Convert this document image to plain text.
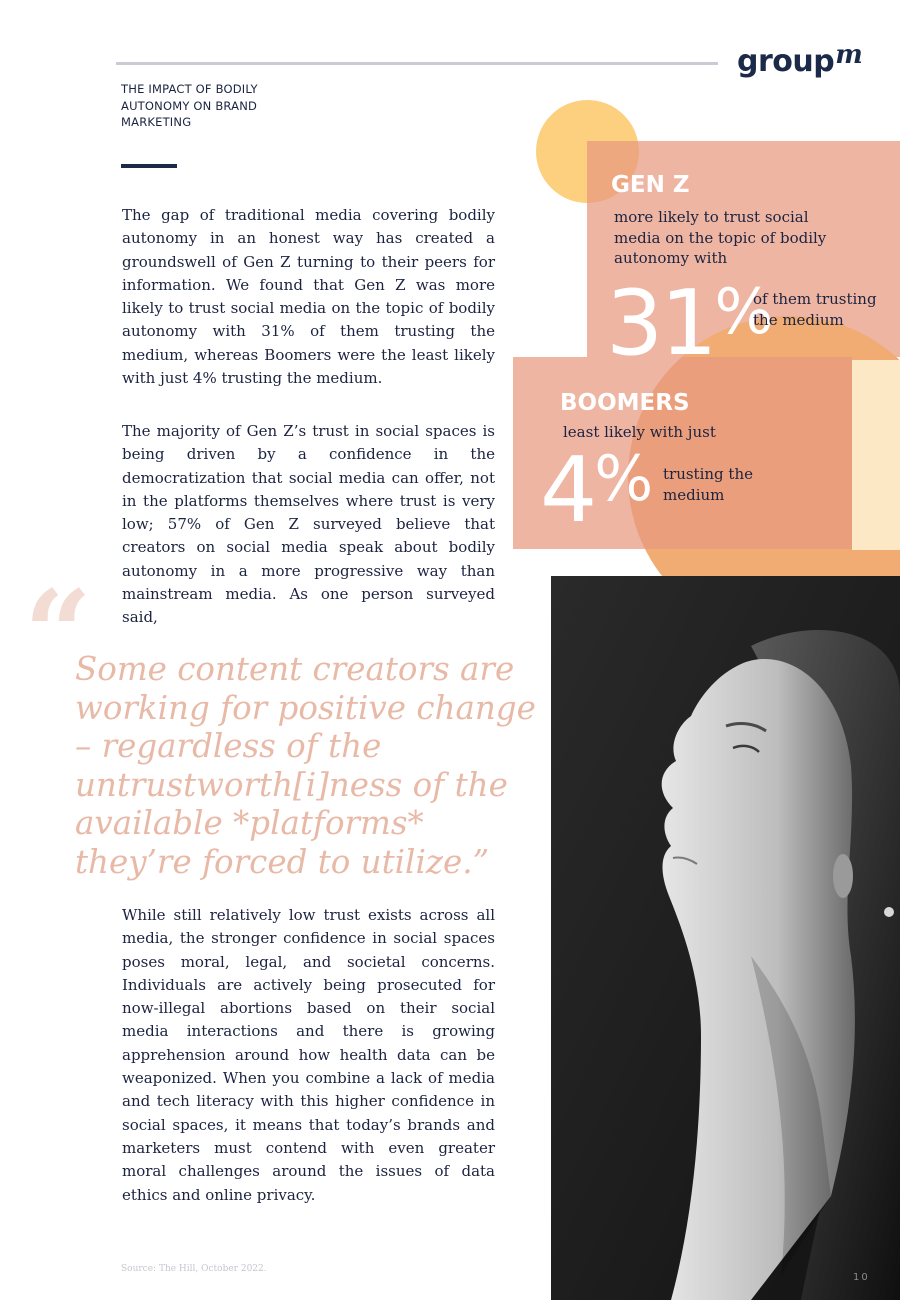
group$^m$
THE IMPACT OF BODILY AUTONOMY ON BRAND MARKETING

The gap of traditional media covering bodily autonomy in an honest way has created a groundswell of Gen Z turning to their peers for information. We found that Gen Z was more likely to trust social media on the topic of bodily autonomy with 31% of them trusting the medium, whereas Boomers were the least likely with just 4% trusting the medium.

The majority of Gen Z’s trust in social spaces is being driven by a confidence in the democratization that social media can offer, not in the platforms themselves where trust is very low; 57% of Gen Z surveyed believe that creators on social media speak about bodily autonomy in a more progressive way than mainstream media. As one person surveyed said,

“
Some content creators are working for positive change – regardless of the untrustworth[i]ness of the available *platforms* they’re forced to utilize.”

While still relatively low trust exists across all media, the stronger confidence in social spaces poses moral, legal, and societal concerns. Individuals are actively being prosecuted for now-illegal abortions based on their social media interactions and there is growing apprehension around how health data can be weaponized. When you combine a lack of media and tech literacy with this higher confidence in social spaces, it means that today’s brands and marketers must contend with even greater moral challenges around the issues of data ethics and online privacy.

Source: The Hill, October 2022.
GEN Z
more likely to trust social media on the topic of bodily autonomy with
31%
of them trusting the medium
BOOMERS
least likely with just
4% trusting the medium
10
